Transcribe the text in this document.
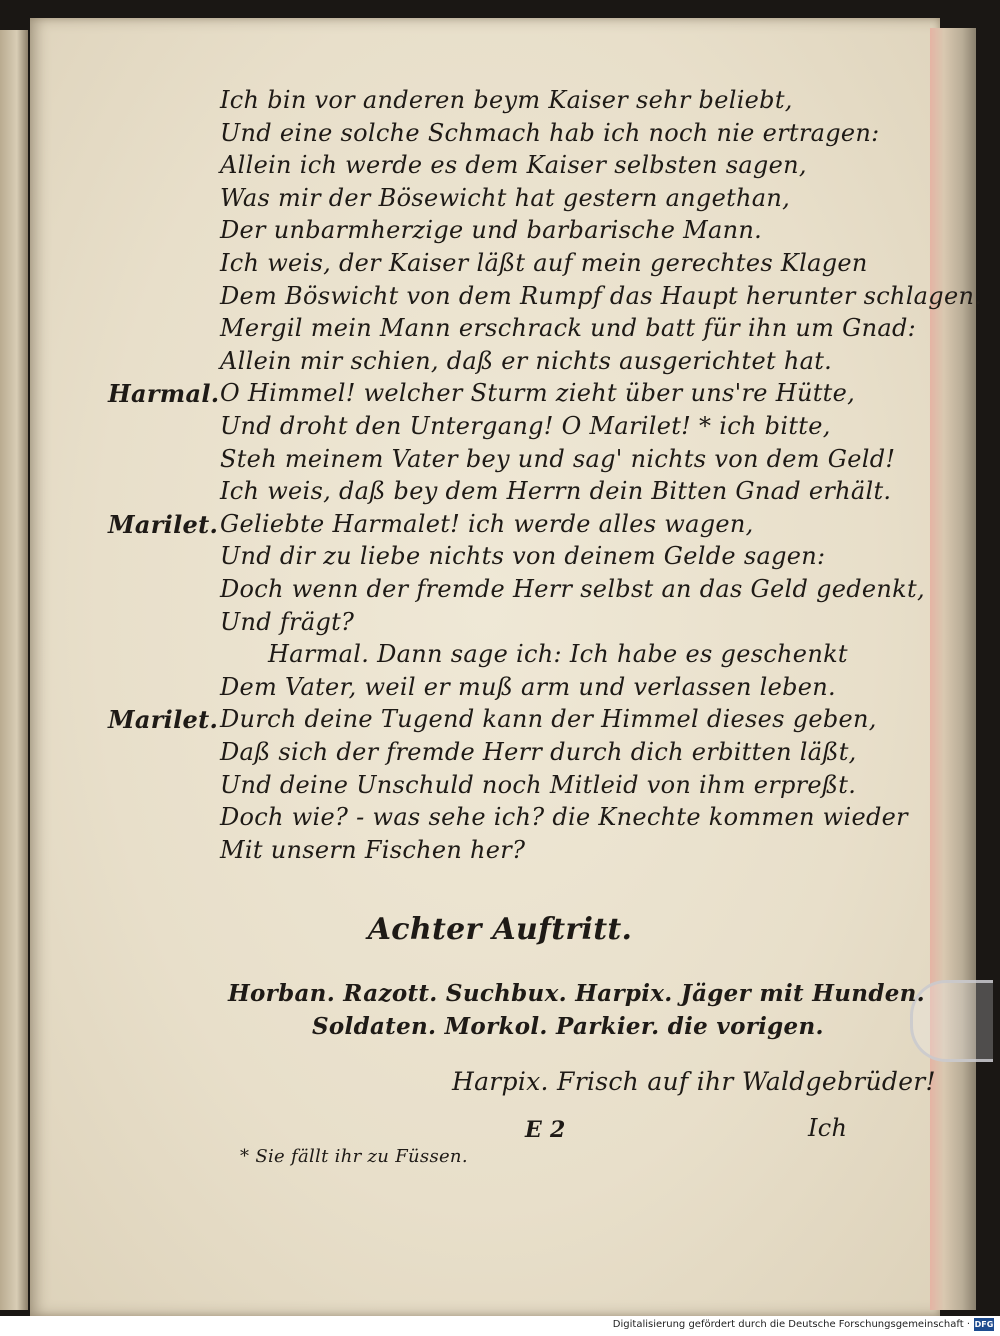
Achter Auftritt.
Horban. Razott. Suchbux. Harpix. Jäger mit Hunden.
Soldaten. Morkol. Parkier. die vorigen.
Harpix. Frisch auf ihr Waldgebrüder!
E 2	Ich
* Sie fällt ihr zu Füssen.
Ich bin vor anderen beym Kaiser sehr beliebt,
Und eine solche Schmach hab ich noch nie ertragen:
Allein ich werde es dem Kaiser selbsten sagen,
Was mir der Bösewicht hat gestern angethan,
Der unbarmherzige und barbarische Mann.
Ich weis, der Kaiser läßt auf mein gerechtes Klagen
Dem Böswicht von dem Rumpf das Haupt herunter schlagen.
Mergil mein Mann erschrack und batt für ihn um Gnad:
Allein mir schien, daß er nichts ausgerichtet hat.
Harmal. O Himmel! welcher Sturm zieht über uns're Hütte,
Und droht den Untergang! O Marilet! * ich bitte,
Steh meinem Vater bey und sag' nichts von dem Geld!
Ich weis, daß bey dem Herrn dein Bitten Gnad erhält.
Marilet. Geliebte Harmalet! ich werde alles wagen,
Und dir zu liebe nichts von deinem Gelde sagen:
Doch wenn der fremde Herr selbst an das Geld gedenkt,
Und frägt?
Harmal. Dann sage ich: Ich habe es geschenkt
Dem Vater, weil er muß arm und verlassen leben.
Marilet. Durch deine Tugend kann der Himmel dieses geben,
Daß sich der fremde Herr durch dich erbitten läßt,
Und deine Unschuld noch Mitleid von ihm erpreßt.
Doch wie? - was sehe ich? die Knechte kommen wieder
Mit unsern Fischen her?
Digitalisierung gefördert durch die Deutsche Forschungsgemeinschaft · DFG
